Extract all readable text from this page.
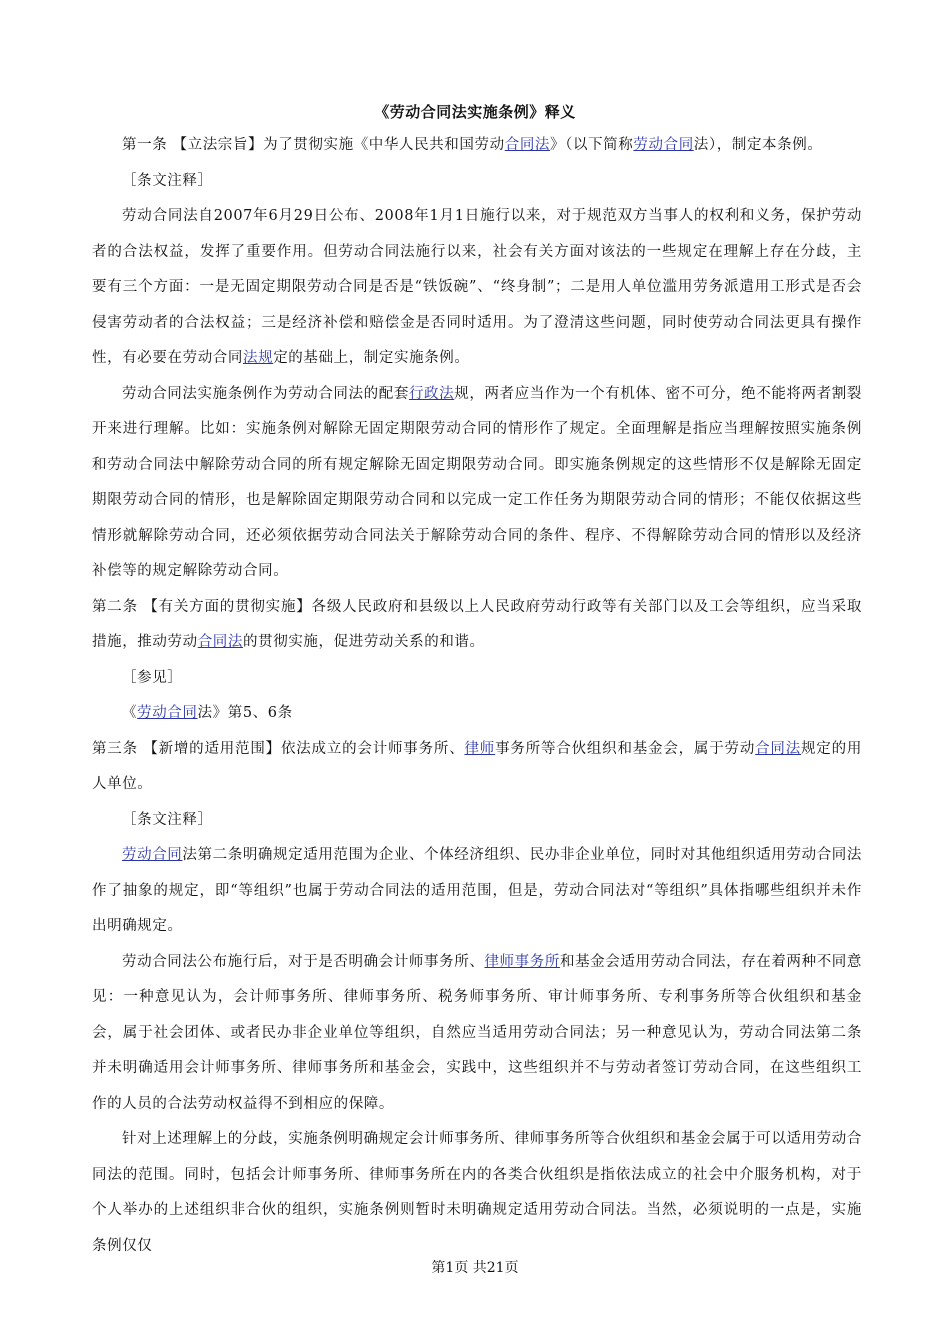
《劳动合同法实施条例》释义

第一条 【立法宗旨】为了贯彻实施《中华人民共和国劳动合同法》（以下简称劳动合同法），制定本条例。

［条文注释］

劳动合同法自2007年6月29日公布、2008年1月1日施行以来，对于规范双方当事人的权利和义务，保护劳动者的合法权益，发挥了重要作用。但劳动合同法施行以来，社会有关方面对该法的一些规定在理解上存在分歧，主要有三个方面：一是无固定期限劳动合同是否是“铁饭碗”、“终身制”；二是用人单位滥用劳务派遣用工形式是否会侵害劳动者的合法权益；三是经济补偿和赔偿金是否同时适用。为了澄清这些问题，同时使劳动合同法更具有操作性，有必要在劳动合同法规定的基础上，制定实施条例。

劳动合同法实施条例作为劳动合同法的配套行政法规，两者应当作为一个有机体、密不可分，绝不能将两者割裂开来进行理解。比如：实施条例对解除无固定期限劳动合同的情形作了规定。全面理解是指应当理解按照实施条例和劳动合同法中解除劳动合同的所有规定解除无固定期限劳动合同。即实施条例规定的这些情形不仅是解除无固定期限劳动合同的情形，也是解除固定期限劳动合同和以完成一定工作任务为期限劳动合同的情形；不能仅依据这些情形就解除劳动合同，还必须依据劳动合同法关于解除劳动合同的条件、程序、不得解除劳动合同的情形以及经济补偿等的规定解除劳动合同。

第二条 【有关方面的贯彻实施】各级人民政府和县级以上人民政府劳动行政等有关部门以及工会等组织，应当采取措施，推动劳动合同法的贯彻实施，促进劳动关系的和谐。

［参见］

《劳动合同法》第5、6条

第三条 【新增的适用范围】依法成立的会计师事务所、律师事务所等合伙组织和基金会，属于劳动合同法规定的用人单位。

［条文注释］

劳动合同法第二条明确规定适用范围为企业、个体经济组织、民办非企业单位，同时对其他组织适用劳动合同法作了抽象的规定，即“等组织”也属于劳动合同法的适用范围，但是，劳动合同法对“等组织”具体指哪些组织并未作出明确规定。

劳动合同法公布施行后，对于是否明确会计师事务所、律师事务所和基金会适用劳动合同法，存在着两种不同意见：一种意见认为，会计师事务所、律师事务所、税务师事务所、审计师事务所、专利事务所等合伙组织和基金会，属于社会团体、或者民办非企业单位等组织，自然应当适用劳动合同法；另一种意见认为，劳动合同法第二条并未明确适用会计师事务所、律师事务所和基金会，实践中，这些组织并不与劳动者签订劳动合同，在这些组织工作的人员的合法劳动权益得不到相应的保障。

针对上述理解上的分歧，实施条例明确规定会计师事务所、律师事务所等合伙组织和基金会属于可以适用劳动合同法的范围。同时，包括会计师事务所、律师事务所在内的各类合伙组织是指依法成立的社会中介服务机构，对于个人举办的上述组织非合伙的组织，实施条例则暂时未明确规定适用劳动合同法。当然，必须说明的一点是，实施条例仅仅

第1页 共21页
